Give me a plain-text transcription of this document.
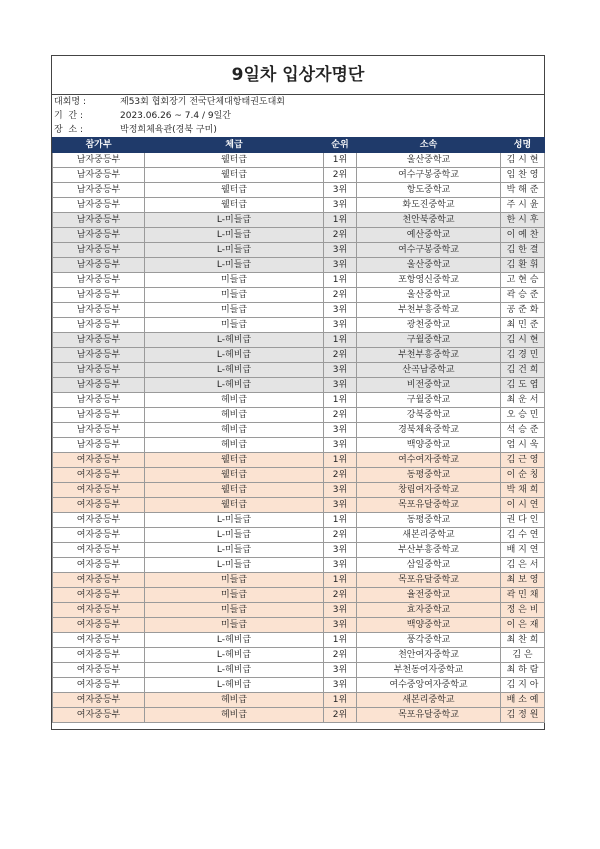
9일차 입상자명단
대회명 :	제53회 협회장기 전국단체대항태권도대회
기  간 :	2023.06.26 ~ 7.4 / 9일간
장  소 :	박정희체육관(경북 구미)
참가부	체급	순위	소속	성명
남자중등부	웰터급	1위	울산중학교	김 시 현
남자중등부	웰터급	2위	여수구봉중학교	임 찬 영
남자중등부	웰터급	3위	항도중학교	박 해 준
남자중등부	웰터급	3위	화도진중학교	주 시 윤
남자중등부	L-미들급	1위	천안북중학교	한 시 후
남자중등부	L-미들급	2위	예산중학교	이 예 찬
남자중등부	L-미들급	3위	여수구봉중학교	김 한 결
남자중등부	L-미들급	3위	울산중학교	김 환 휘
남자중등부	미들급	1위	포항영신중학교	고 현 승
남자중등부	미들급	2위	울산중학교	곽 승 준
남자중등부	미들급	3위	부천부흥중학교	공 준 화
남자중등부	미들급	3위	광천중학교	최 민 준
남자중등부	L-헤비급	1위	구월중학교	김 시 현
남자중등부	L-헤비급	2위	부천부흥중학교	김 경 민
남자중등부	L-헤비급	3위	산곡남중학교	김 건 희
남자중등부	L-헤비급	3위	비전중학교	김 도 엽
남자중등부	헤비급	1위	구월중학교	최 운 서
남자중등부	헤비급	2위	강북중학교	오 승 민
남자중등부	헤비급	3위	경북체육중학교	석 승 준
남자중등부	헤비급	3위	백양중학교	엄 시 욱
여자중등부	웰터급	1위	여수여자중학교	김 근 영
여자중등부	웰터급	2위	동평중학교	이 순 칭
여자중등부	웰터급	3위	창림여자중학교	박 채 희
여자중등부	웰터급	3위	목포유달중학교	이 시 연
여자중등부	L-미들급	1위	동평중학교	권 다 인
여자중등부	L-미들급	2위	새본리중학교	김 수 연
여자중등부	L-미들급	3위	부산부흥중학교	배 지 연
여자중등부	L-미들급	3위	삼일중학교	김 은 서
여자중등부	미들급	1위	목포유달중학교	최 보 영
여자중등부	미들급	2위	율전중학교	곽 민 채
여자중등부	미들급	3위	효자중학교	정 은 비
여자중등부	미들급	3위	백양중학교	이 은 재
여자중등부	L-헤비급	1위	풍각중학교	최 찬 희
여자중등부	L-헤비급	2위	천안여자중학교	김 은
여자중등부	L-헤비급	3위	부천동여자중학교	최 하 람
여자중등부	L-헤비급	3위	여수중앙여자중학교	김 지 아
여자중등부	헤비급	1위	새본리중학교	배 소 예
여자중등부	헤비급	2위	목포유달중학교	김 정 원
